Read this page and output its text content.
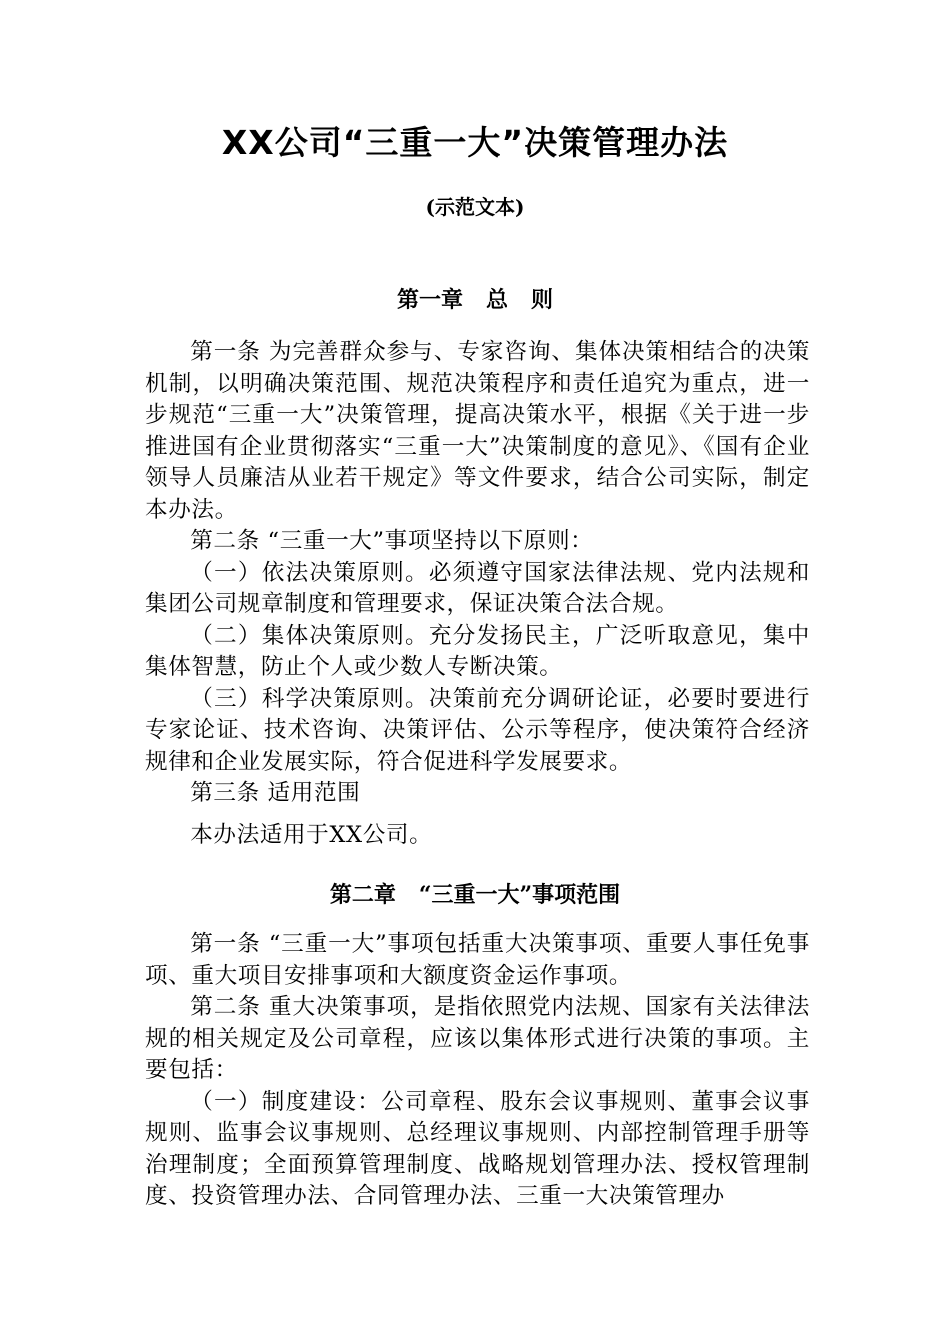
XX公司“三重一大”决策管理办法
(示范文本)
第一章   总   则

第一条 为完善群众参与、专家咨询、集体决策相结合的决策机制，以明确决策范围、规范决策程序和责任追究为重点，进一步规范“三重一大”决策管理，提高决策水平，根据《关于进一步推进国有企业贯彻落实“三重一大”决策制度的意见》、《国有企业领导人员廉洁从业若干规定》等文件要求，结合公司实际，制定本办法。

第二条 “三重一大”事项坚持以下原则：

（一）依法决策原则。必须遵守国家法律法规、党内法规和集团公司规章制度和管理要求，保证决策合法合规。

（二）集体决策原则。充分发扬民主，广泛听取意见，集中集体智慧，防止个人或少数人专断决策。

（三）科学决策原则。决策前充分调研论证，必要时要进行专家论证、技术咨询、决策评估、公示等程序，使决策符合经济规律和企业发展实际，符合促进科学发展要求。

第三条 适用范围

本办法适用于XX公司。

第二章   “三重一大”事项范围

第一条 “三重一大”事项包括重大决策事项、重要人事任免事项、重大项目安排事项和大额度资金运作事项。

第二条 重大决策事项，是指依照党内法规、国家有关法律法规的相关规定及公司章程，应该以集体形式进行决策的事项。主要包括：

（一）制度建设：公司章程、股东会议事规则、董事会议事规则、监事会议事规则、总经理议事规则、内部控制管理手册等治理制度；全面预算管理制度、战略规划管理办法、授权管理制度、投资管理办法、合同管理办法、三重一大决策管理办
